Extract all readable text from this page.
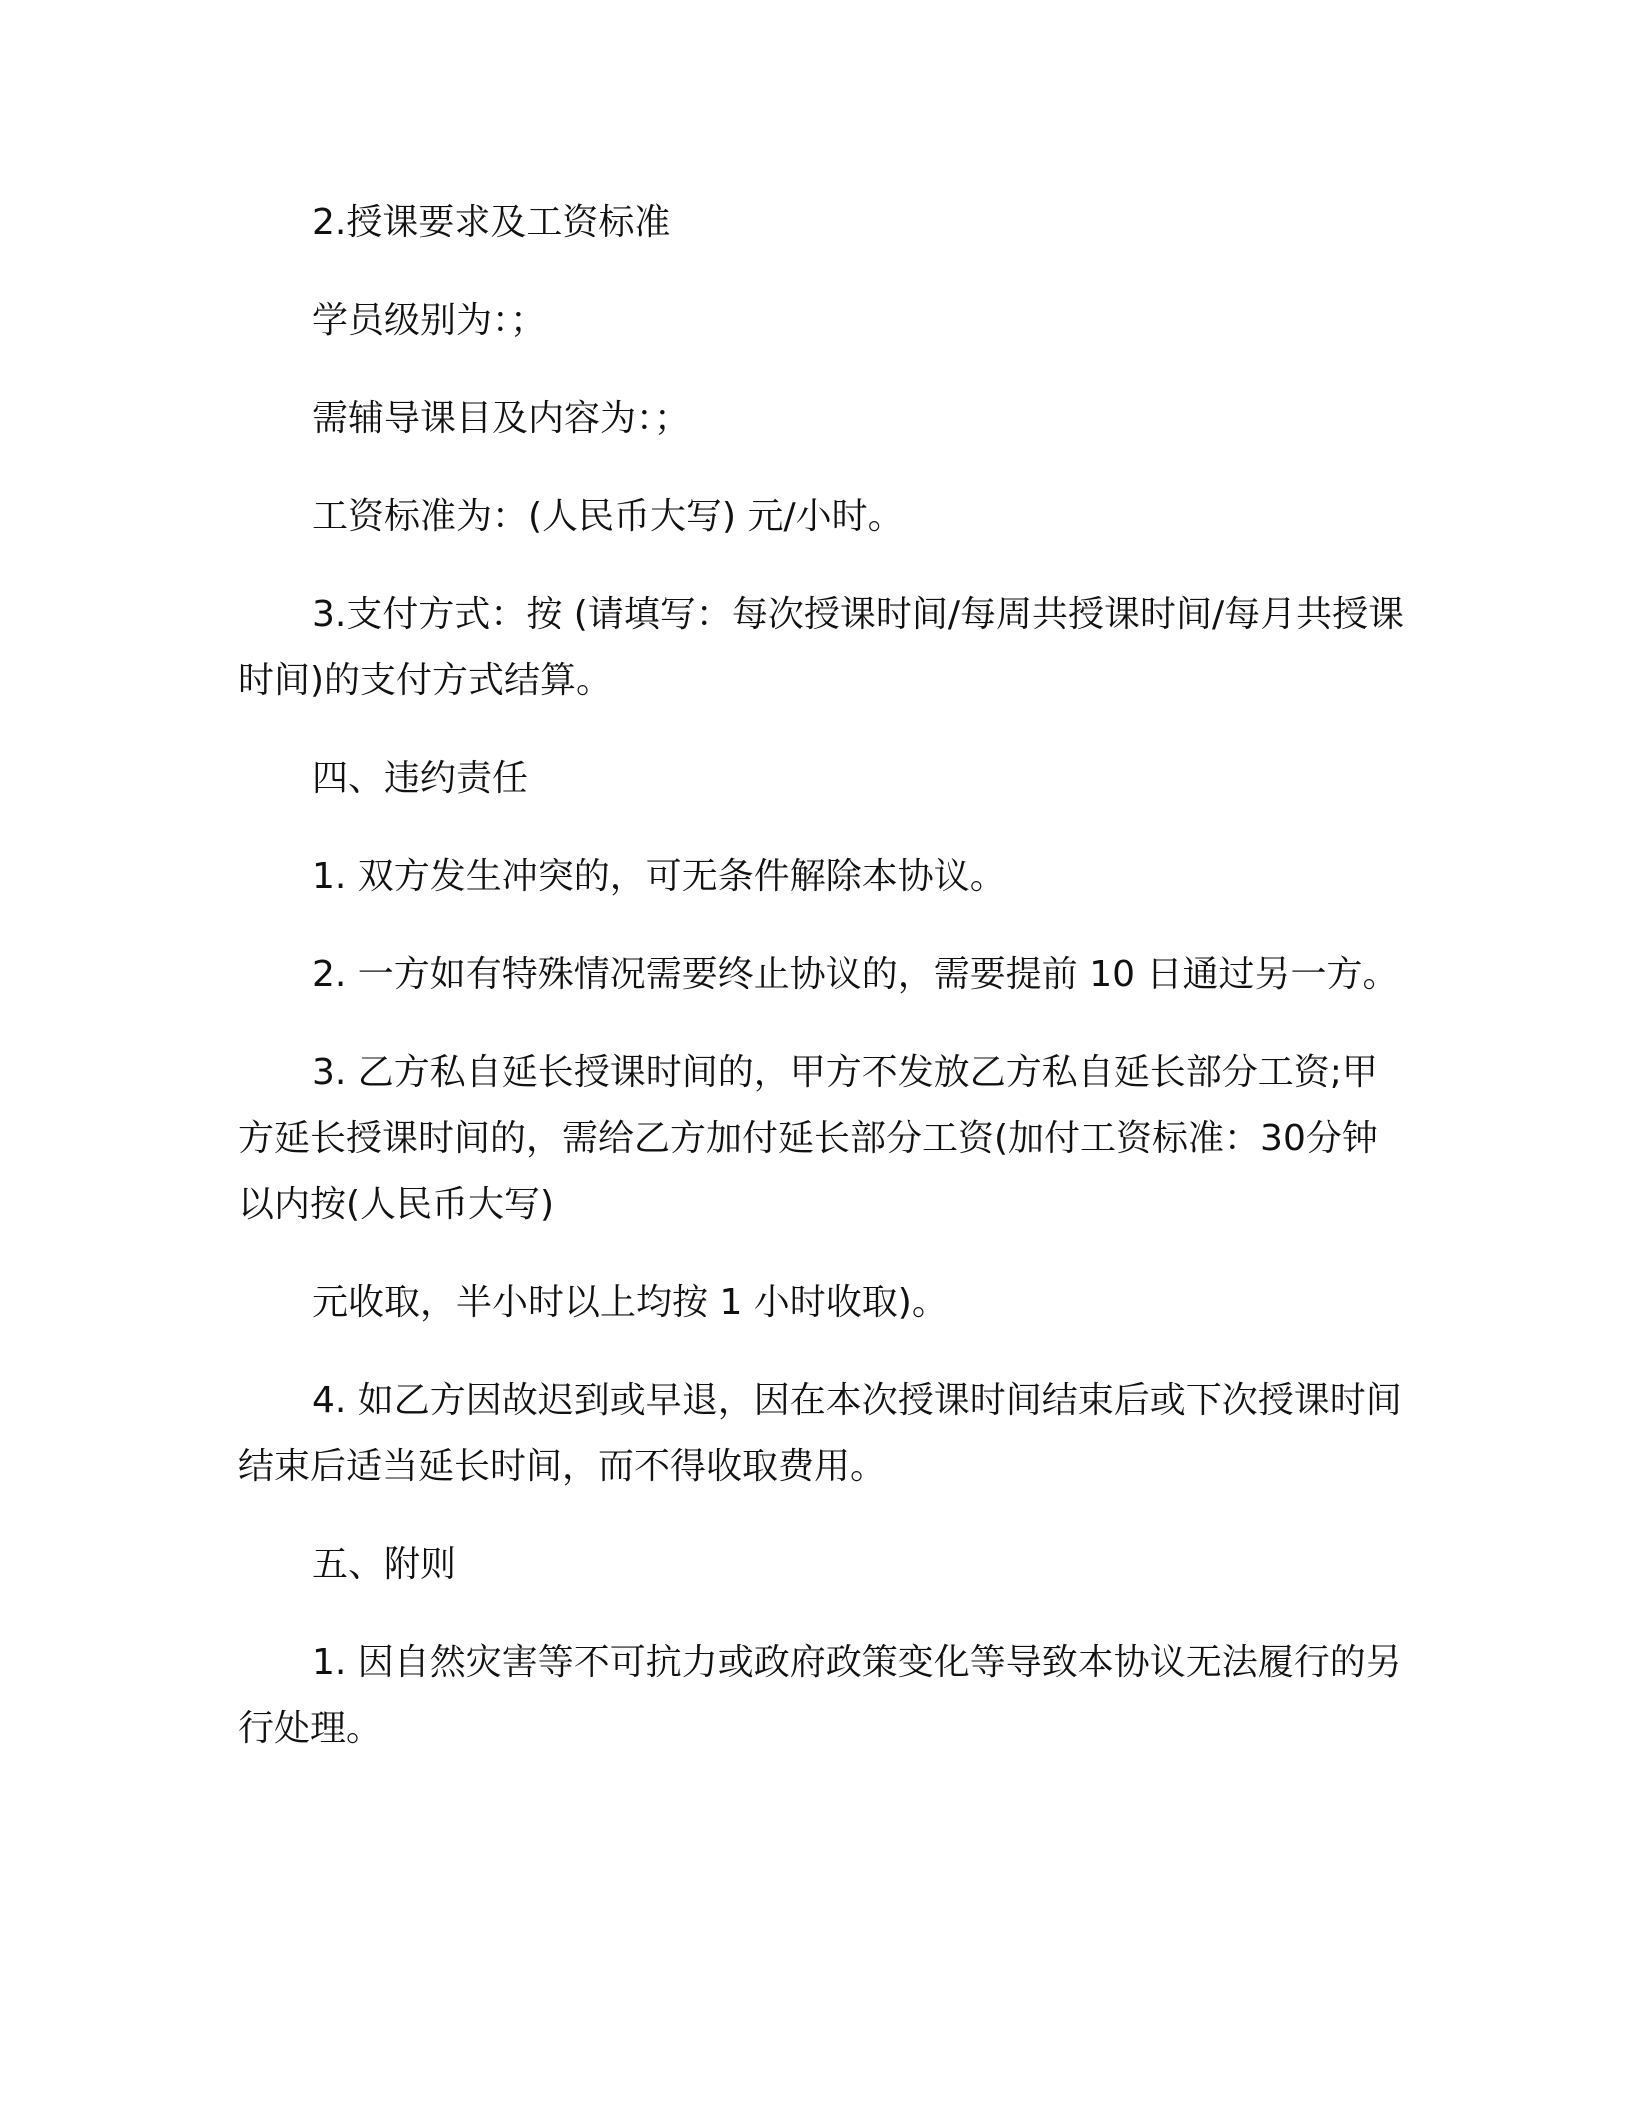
2.授课要求及工资标准

学员级别为：；

需辅导课目及内容为：；

工资标准为：(人民币大写) 元/小时。

3.支付方式：按 (请填写：每次授课时间/每周共授课时间/每月共授课时间)的支付方式结算。

四、违约责任

1. 双方发生冲突的，可无条件解除本协议。

2. 一方如有特殊情况需要终止协议的，需要提前 10 日通过另一方。

3. 乙方私自延长授课时间的，甲方不发放乙方私自延长部分工资;甲方延长授课时间的，需给乙方加付延长部分工资(加付工资标准：30分钟以内按(人民币大写)

元收取，半小时以上均按 1 小时收取)。

4. 如乙方因故迟到或早退，因在本次授课时间结束后或下次授课时间结束后适当延长时间，而不得收取费用。

五、附则

1. 因自然灾害等不可抗力或政府政策变化等导致本协议无法履行的另行处理。
